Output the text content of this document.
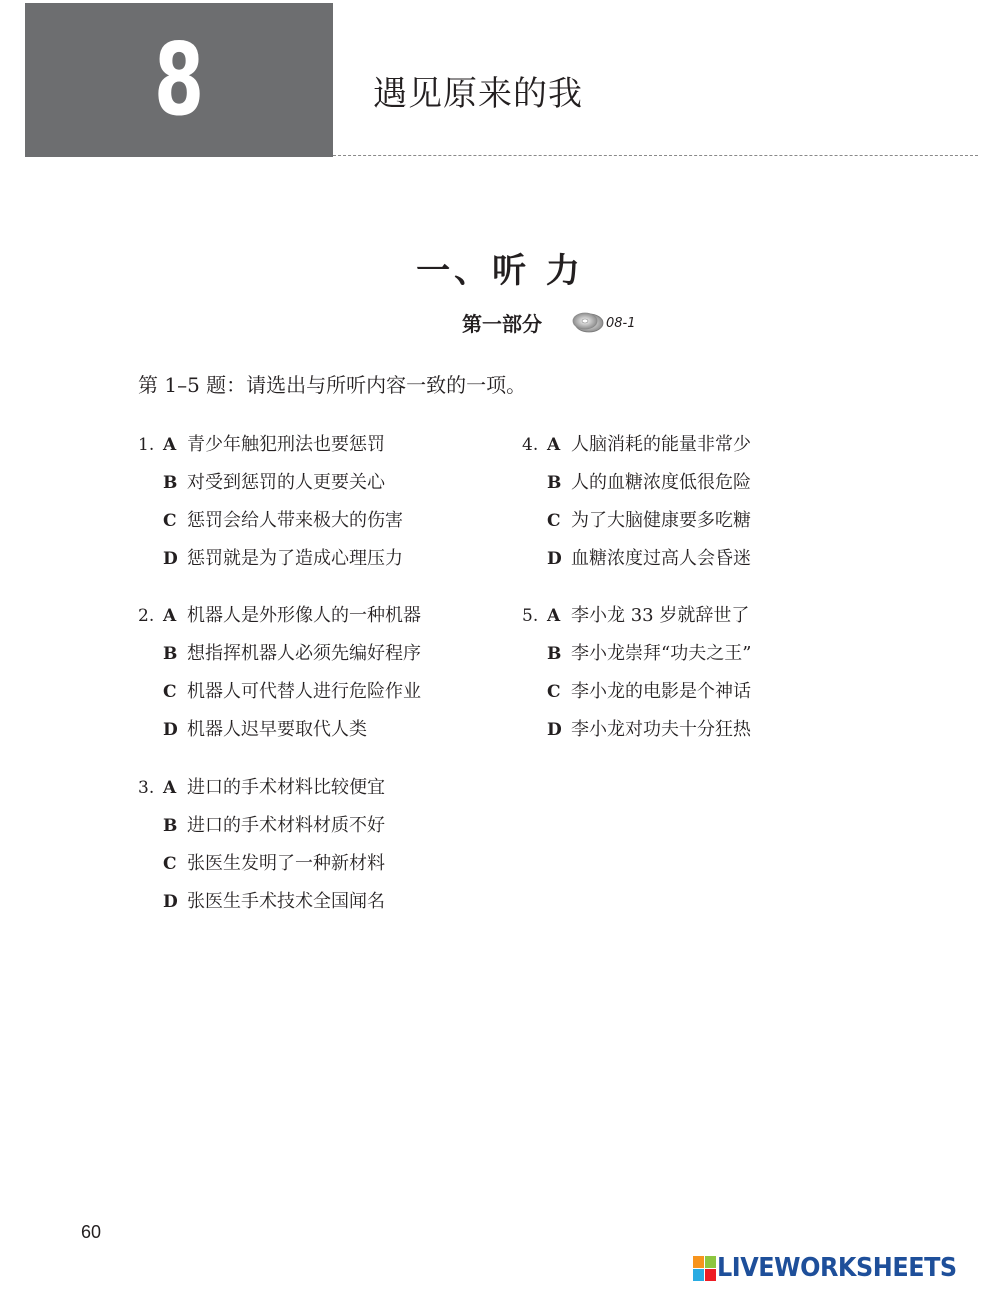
8	遇见原来的我
一、听 力
第一部分	08-1
第 1–5 题：请选出与所听内容一致的一项。
1. A 青少年触犯刑法也要惩罚
B 对受到惩罚的人更要关心
C 惩罚会给人带来极大的伤害
D 惩罚就是为了造成心理压力
2. A 机器人是外形像人的一种机器
B 想指挥机器人必须先编好程序
C 机器人可代替人进行危险作业
D 机器人迟早要取代人类
3. A 进口的手术材料比较便宜
B 进口的手术材料材质不好
C 张医生发明了一种新材料
D 张医生手术技术全国闻名
4. A 人脑消耗的能量非常少
B 人的血糖浓度低很危险
C 为了大脑健康要多吃糖
D 血糖浓度过高人会昏迷
5. A 李小龙 33 岁就辞世了
B 李小龙崇拜“功夫之王”
C 李小龙的电影是个神话
D 李小龙对功夫十分狂热
60
LIVEWORKSHEETS
